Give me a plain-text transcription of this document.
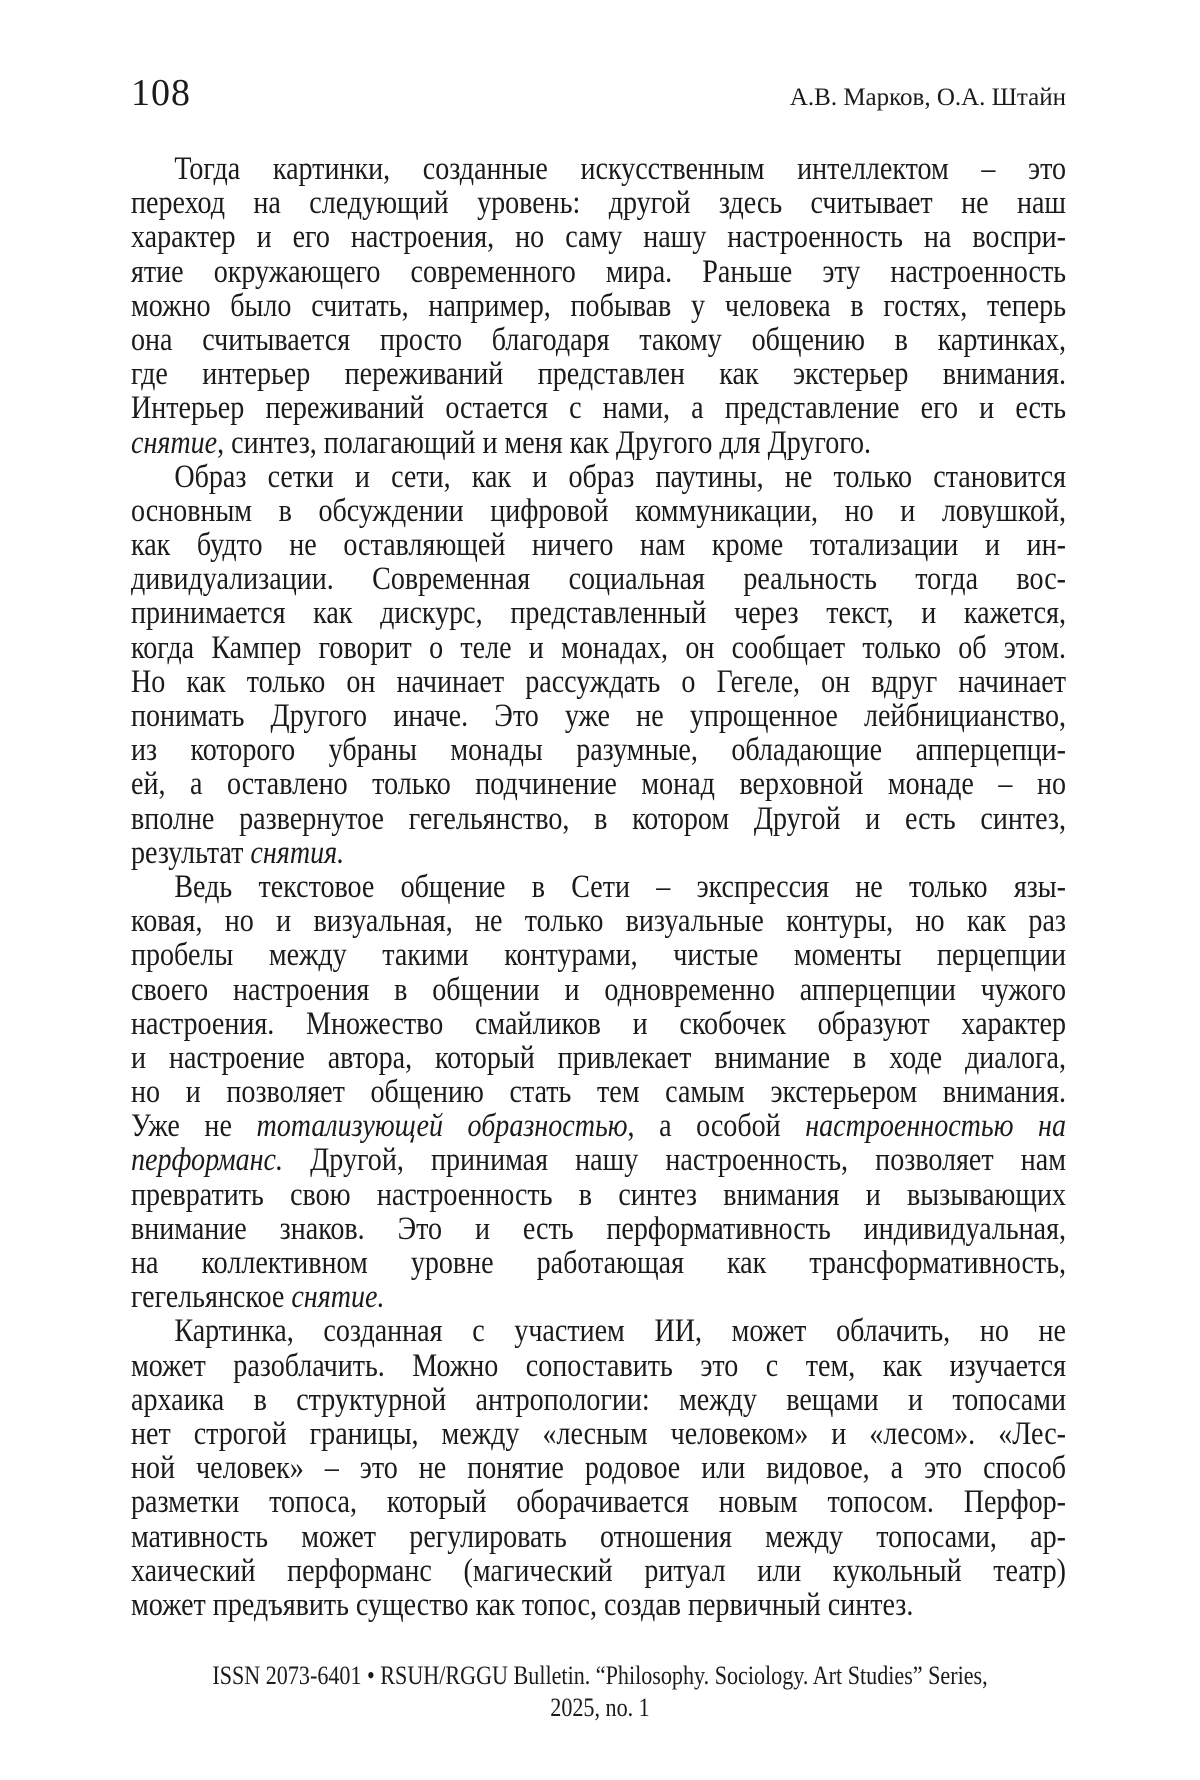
108	А.В. Марков, О.А. Штайн
Тогда картинки, созданные искусственным интеллектом – это
переход на следующий уровень: другой здесь считывает не наш
характер и его настроения, но саму нашу настроенность на воспри-
ятие окружающего современного мира. Раньше эту настроенность
можно было считать, например, побывав у человека в гостях, теперь
она считывается просто благодаря такому общению в картинках,
где интерьер переживаний представлен как экстерьер внимания.
Интерьер переживаний остается с нами, а представление его и есть
снятие, синтез, полагающий и меня как Другого для Другого.
Образ сетки и сети, как и образ паутины, не только становится
основным в обсуждении цифровой коммуникации, но и ловушкой,
как будто не оставляющей ничего нам кроме тотализации и ин-
дивидуализации. Современная социальная реальность тогда вос-
принимается как дискурс, представленный через текст, и кажется,
когда Кампер говорит о теле и монадах, он сообщает только об этом.
Но как только он начинает рассуждать о Гегеле, он вдруг начинает
понимать Другого иначе. Это уже не упрощенное лейбницианство,
из которого убраны монады разумные, обладающие апперцепци-
ей, а оставлено только подчинение монад верховной монаде – но
вполне развернутое гегельянство, в котором Другой и есть синтез,
результат снятия.
Ведь текстовое общение в Сети – экспрессия не только язы-
ковая, но и визуальная, не только визуальные контуры, но как раз
пробелы между такими контурами, чистые моменты перцепции
своего настроения в общении и одновременно апперцепции чужого
настроения. Множество смайликов и скобочек образуют характер
и настроение автора, который привлекает внимание в ходе диалога,
но и позволяет общению стать тем самым экстерьером внимания.
Уже не тотализующей образностью, а особой настроенностью на
перформанс. Другой, принимая нашу настроенность, позволяет нам
превратить свою настроенность в синтез внимания и вызывающих
внимание знаков. Это и есть перформативность индивидуальная,
на коллективном уровне работающая как трансформативность,
гегельянское снятие.
Картинка, созданная с участием ИИ, может облачить, но не
может разоблачить. Можно сопоставить это с тем, как изучается
архаика в структурной антропологии: между вещами и топосами
нет строгой границы, между «лесным человеком» и «лесом». «Лес-
ной человек» – это не понятие родовое или видовое, а это способ
разметки топоса, который оборачивается новым топосом. Перфор-
мативность может регулировать отношения между топосами, ар-
хаический перформанс (магический ритуал или кукольный театр)
может предъявить существо как топос, создав первичный синтез.
ISSN 2073-6401 • RSUH/RGGU Bulletin. “Philosophy. Sociology. Art Studies” Series,
2025, no. 1
